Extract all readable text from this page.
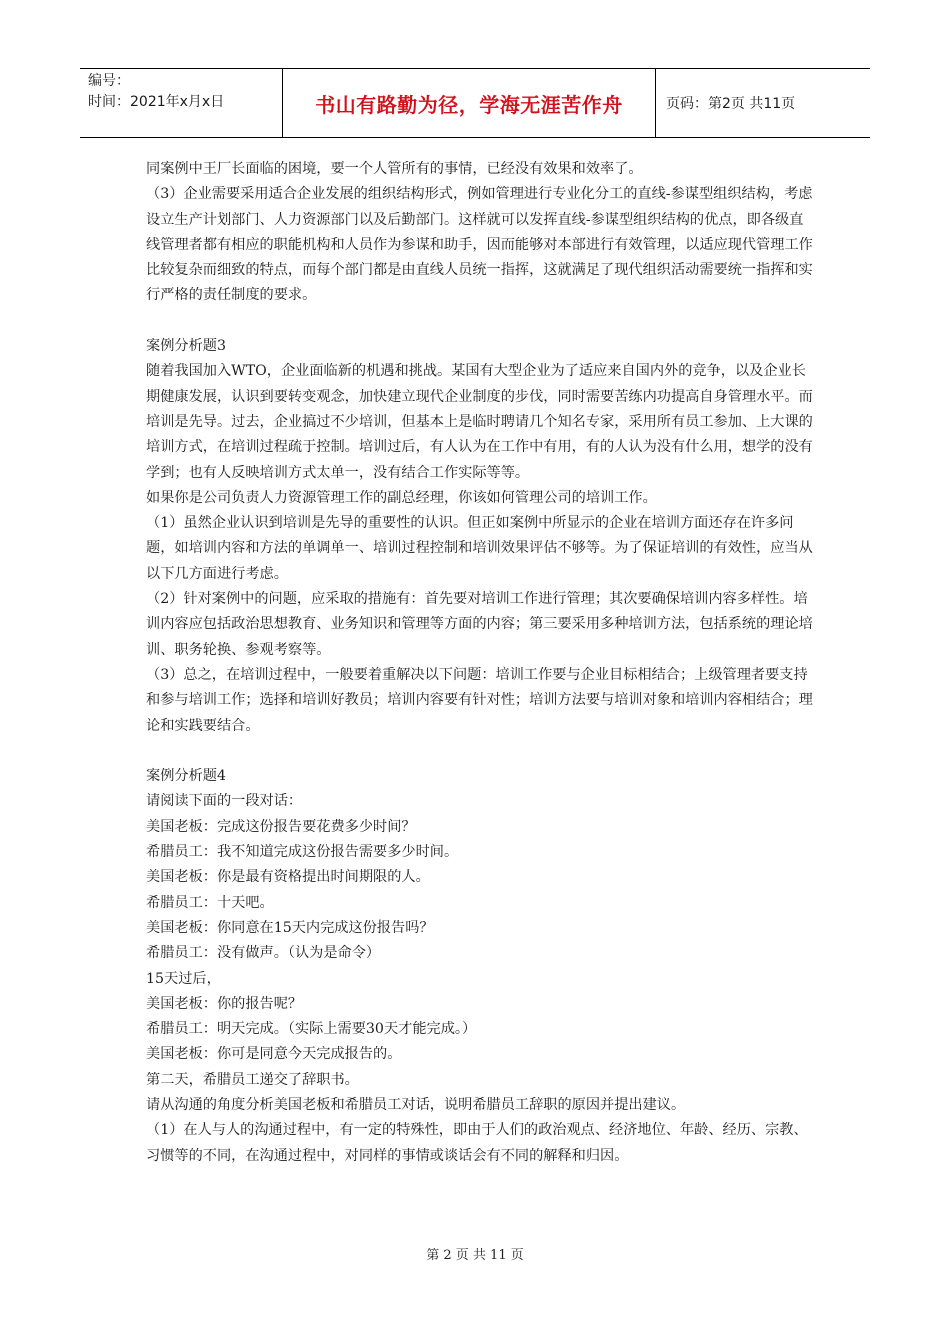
编号：
时间：2021年x月x日	书山有路勤为径，学海无涯苦作舟	页码：第2页 共11页

同案例中王厂长面临的困境，要一个人管所有的事情，已经没有效果和效率了。

（3）企业需要采用适合企业发展的组织结构形式，例如管理进行专业化分工的直线-参谋型组织结构，考虑设立生产计划部门、人力资源部门以及后勤部门。这样就可以发挥直线-参谋型组织结构的优点，即各级直线管理者都有相应的职能机构和人员作为参谋和助手，因而能够对本部进行有效管理，以适应现代管理工作比较复杂而细致的特点，而每个部门都是由直线人员统一指挥，这就满足了现代组织活动需要统一指挥和实行严格的责任制度的要求。

案例分析题3

随着我国加入WTO，企业面临新的机遇和挑战。某国有大型企业为了适应来自国内外的竞争，以及企业长期健康发展，认识到要转变观念，加快建立现代企业制度的步伐，同时需要苦练内功提高自身管理水平。而培训是先导。过去，企业搞过不少培训，但基本上是临时聘请几个知名专家，采用所有员工参加、上大课的培训方式，在培训过程疏于控制。培训过后，有人认为在工作中有用，有的人认为没有什么用，想学的没有学到；也有人反映培训方式太单一，没有结合工作实际等等。

如果你是公司负责人力资源管理工作的副总经理，你该如何管理公司的培训工作。

（1）虽然企业认识到培训是先导的重要性的认识。但正如案例中所显示的企业在培训方面还存在许多问题，如培训内容和方法的单调单一、培训过程控制和培训效果评估不够等。为了保证培训的有效性，应当从以下几方面进行考虑。

（2）针对案例中的问题，应采取的措施有：首先要对培训工作进行管理；其次要确保培训内容多样性。培训内容应包括政治思想教育、业务知识和管理等方面的内容；第三要采用多种培训方法，包括系统的理论培训、职务轮换、参观考察等。

（3）总之，在培训过程中，一般要着重解决以下问题：培训工作要与企业目标相结合；上级管理者要支持和参与培训工作；选择和培训好教员；培训内容要有针对性；培训方法要与培训对象和培训内容相结合；理论和实践要结合。

案例分析题4

请阅读下面的一段对话：

美国老板：完成这份报告要花费多少时间？

希腊员工：我不知道完成这份报告需要多少时间。

美国老板：你是最有资格提出时间期限的人。

希腊员工：十天吧。

美国老板：你同意在15天内完成这份报告吗？

希腊员工：没有做声。（认为是命令）

15天过后，

美国老板：你的报告呢？

希腊员工：明天完成。（实际上需要30天才能完成。）

美国老板：你可是同意今天完成报告的。

第二天，希腊员工递交了辞职书。

请从沟通的角度分析美国老板和希腊员工对话，说明希腊员工辞职的原因并提出建议。

（1）在人与人的沟通过程中，有一定的特殊性，即由于人们的政治观点、经济地位、年龄、经历、宗教、习惯等的不同，在沟通过程中，对同样的事情或谈话会有不同的解释和归因。

第 2 页 共 11 页
